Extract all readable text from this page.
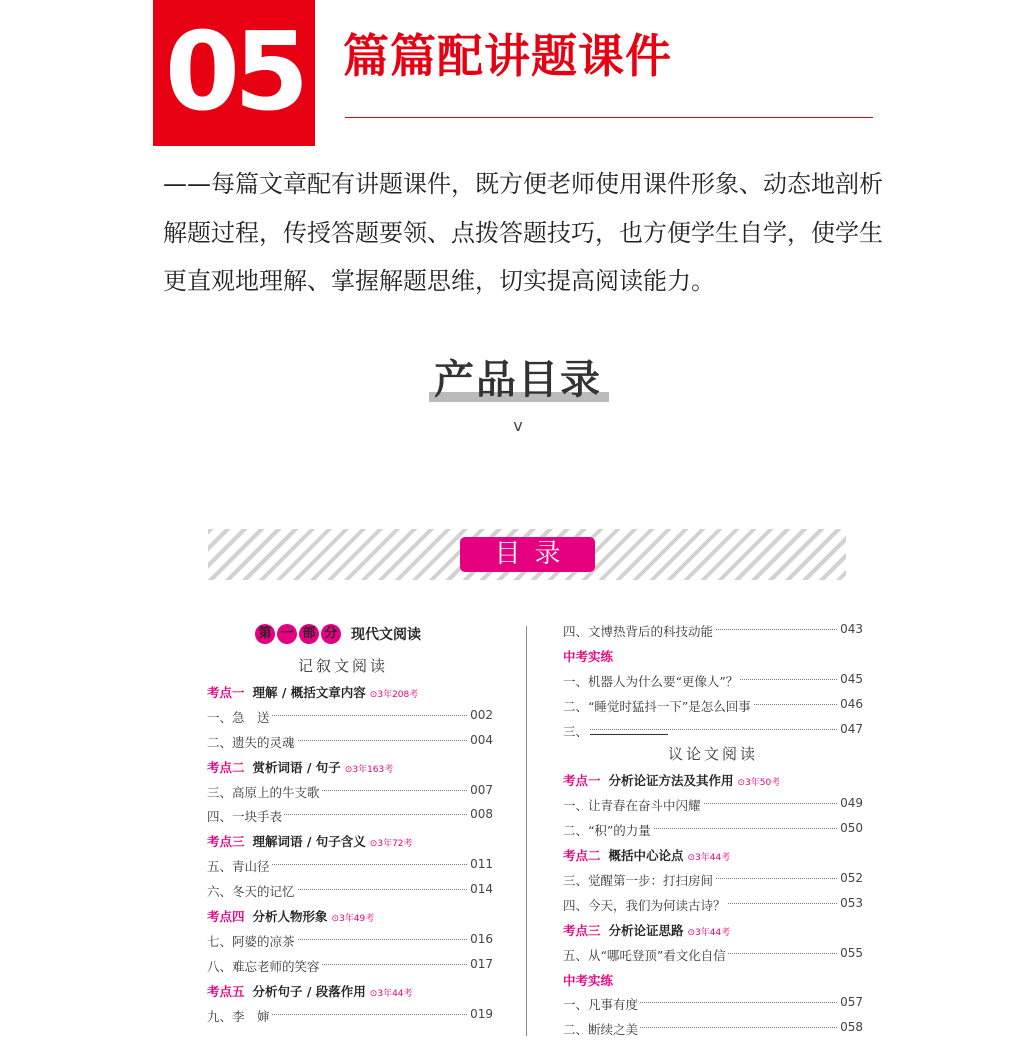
05 篇篇配讲题课件

——每篇文章配有讲题课件，既方便老师使用课件形象、动态地剖析

解题过程，传授答题要领、点拨答题技巧，也方便学生自学，使学生

更直观地理解、掌握解题思维，切实提高阅读能力。

产品目录
v
目录
第 一 部 分 现代文阅读
记叙文阅读
考点一 理解 / 概括文章内容 ⊙3年208考
一、急　送	002
二、遗失的灵魂	004
考点二 赏析词语 / 句子 ⊙3年163考
三、高原上的牛支歌	007
四、一块手表	008
考点三 理解词语 / 句子含义 ⊙3年72考
五、青山径	011
六、冬天的记忆	014
考点四 分析人物形象 ⊙3年49考
七、阿婆的凉茶	016
八、难忘老师的笑容	017
考点五 分析句子 / 段落作用 ⊙3年44考
九、李　婶	019
四、文博热背后的科技动能	043
中考实练
一、机器人为什么要“更像人”？	045
二、“睡觉时猛抖一下”是怎么回事	046
三、	047
议论文阅读
考点一 分析论证方法及其作用 ⊙3年50考
一、让青春在奋斗中闪耀	049
二、“积”的力量	050
考点二 概括中心论点 ⊙3年44考
三、觉醒第一步：打扫房间	052
四、今天，我们为何读古诗？	053
考点三 分析论证思路 ⊙3年44考
五、从“哪吒登顶”看文化自信	055
中考实练
一、凡事有度	057
二、断续之美	058
